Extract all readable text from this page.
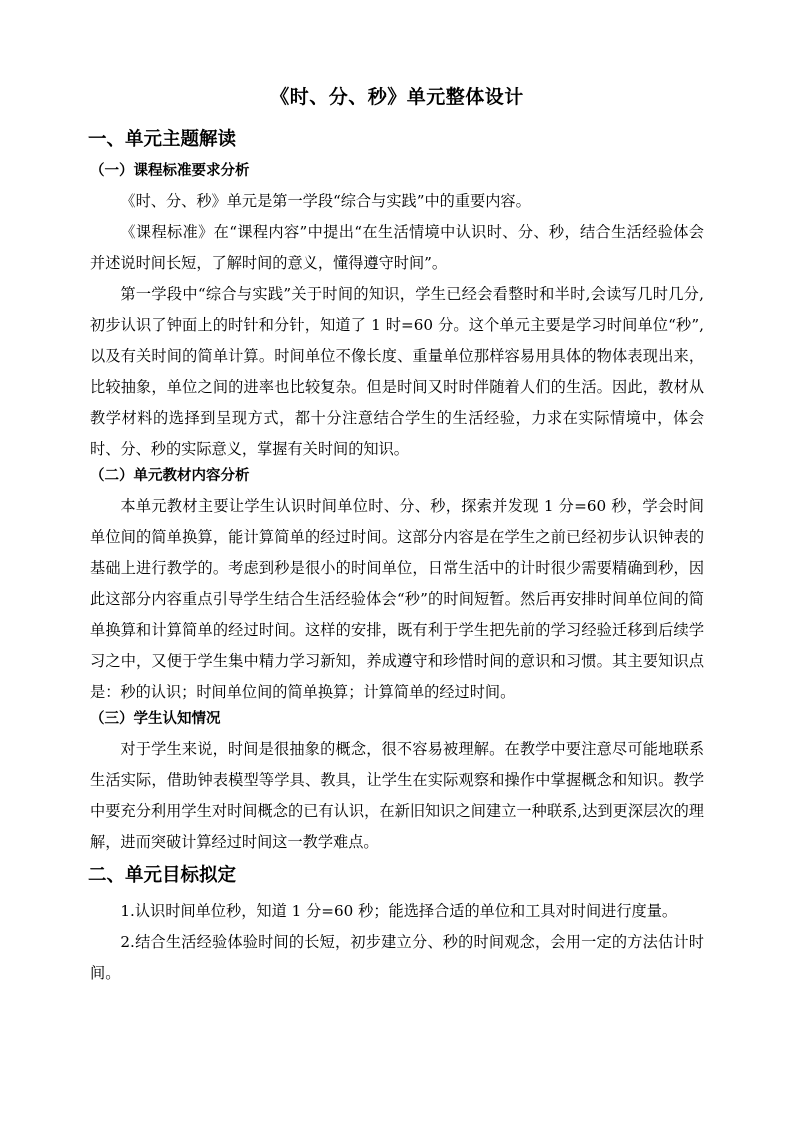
《时、分、秒》单元整体设计
一、单元主题解读
（一）课程标准要求分析

《时、分、秒》单元是第一学段“综合与实践”中的重要内容。

《课程标准》在“课程内容”中提出“在生活情境中认识时、分、秒，结合生活经验体会并述说时间长短，了解时间的意义，懂得遵守时间”。

第一学段中“综合与实践”关于时间的知识，学生已经会看整时和半时,会读写几时几分,初步认识了钟面上的时针和分针，知道了 1 时=60 分。这个单元主要是学习时间单位“秒”,以及有关时间的简单计算。时间单位不像长度、重量单位那样容易用具体的物体表现出来，比较抽象，单位之间的进率也比较复杂。但是时间又时时伴随着人们的生活。因此，教材从教学材料的选择到呈现方式，都十分注意结合学生的生活经验，力求在实际情境中，体会时、分、秒的实际意义，掌握有关时间的知识。

（二）单元教材内容分析

本单元教材主要让学生认识时间单位时、分、秒，探索并发现 1 分=60 秒，学会时间单位间的简单换算，能计算简单的经过时间。这部分内容是在学生之前已经初步认识钟表的基础上进行教学的。考虑到秒是很小的时间单位，日常生活中的计时很少需要精确到秒，因此这部分内容重点引导学生结合生活经验体会“秒”的时间短暂。然后再安排时间单位间的简单换算和计算简单的经过时间。这样的安排，既有利于学生把先前的学习经验迁移到后续学习之中，又便于学生集中精力学习新知，养成遵守和珍惜时间的意识和习惯。其主要知识点是：秒的认识；时间单位间的简单换算；计算简单的经过时间。

（三）学生认知情况

对于学生来说，时间是很抽象的概念，很不容易被理解。在教学中要注意尽可能地联系生活实际，借助钟表模型等学具、教具，让学生在实际观察和操作中掌握概念和知识。教学中要充分利用学生对时间概念的已有认识，在新旧知识之间建立一种联系,达到更深层次的理解，进而突破计算经过时间这一教学难点。

二、单元目标拟定

1.认识时间单位秒，知道 1 分=60 秒；能选择合适的单位和工具对时间进行度量。

2.结合生活经验体验时间的长短，初步建立分、秒的时间观念，会用一定的方法估计时间。
